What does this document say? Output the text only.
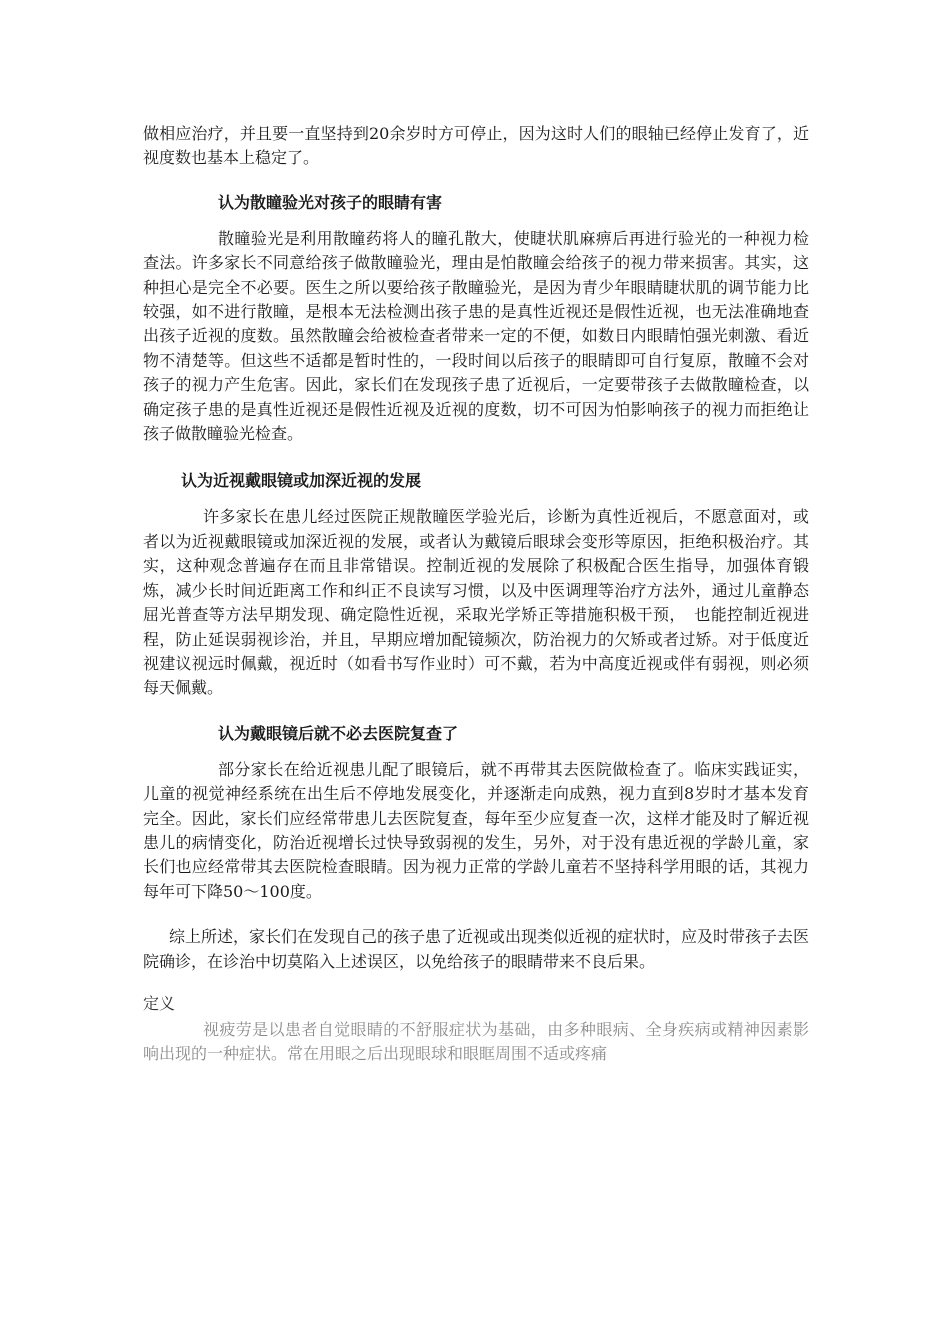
做相应治疗，并且要一直坚持到20余岁时方可停止，因为这时人们的眼轴已经停止发育了，近视度数也基本上稳定了。

认为散瞳验光对孩子的眼睛有害

散瞳验光是利用散瞳药将人的瞳孔散大，使睫状肌麻痹后再进行验光的一种视力检查法。许多家长不同意给孩子做散瞳验光，理由是怕散瞳会给孩子的视力带来损害。其实，这种担心是完全不必要。医生之所以要给孩子散瞳验光，是因为青少年眼睛睫状肌的调节能力比较强，如不进行散瞳，是根本无法检测出孩子患的是真性近视还是假性近视，也无法准确地查出孩子近视的度数。虽然散瞳会给被检查者带来一定的不便，如数日内眼睛怕强光刺激、看近物不清楚等。但这些不适都是暂时性的，一段时间以后孩子的眼睛即可自行复原，散瞳不会对孩子的视力产生危害。因此，家长们在发现孩子患了近视后，一定要带孩子去做散瞳检查，以确定孩子患的是真性近视还是假性近视及近视的度数，切不可因为怕影响孩子的视力而拒绝让孩子做散瞳验光检查。

认为近视戴眼镜或加深近视的发展

许多家长在患儿经过医院正规散瞳医学验光后，诊断为真性近视后，不愿意面对，或者以为近视戴眼镜或加深近视的发展，或者认为戴镜后眼球会变形等原因，拒绝积极治疗。其实，这种观念普遍存在而且非常错误。控制近视的发展除了积极配合医生指导，加强体育锻炼，减少长时间近距离工作和纠正不良读写习惯，以及中医调理等治疗方法外，通过儿童静态屈光普查等方法早期发现、确定隐性近视，采取光学矫正等措施积极干预，　也能控制近视进程，防止延误弱视诊治，并且，早期应增加配镜频次，防治视力的欠矫或者过矫。对于低度近视建议视远时佩戴，视近时（如看书写作业时）可不戴，若为中高度近视或伴有弱视，则必须每天佩戴。

认为戴眼镜后就不必去医院复查了

部分家长在给近视患儿配了眼镜后，就不再带其去医院做检查了。临床实践证实，儿童的视觉神经系统在出生后不停地发展变化，并逐渐走向成熟，视力直到8岁时才基本发育完全。因此，家长们应经常带患儿去医院复查，每年至少应复查一次，这样才能及时了解近视患儿的病情变化，防治近视增长过快导致弱视的发生，另外，对于没有患近视的学龄儿童，家长们也应经常带其去医院检查眼睛。因为视力正常的学龄儿童若不坚持科学用眼的话，其视力每年可下降50～100度。

综上所述，家长们在发现自己的孩子患了近视或出现类似近视的症状时，应及时带孩子去医院确诊，在诊治中切莫陷入上述误区，以免给孩子的眼睛带来不良后果。

定义

视疲劳是以患者自觉眼睛的不舒服症状为基础，由多种眼病、全身疾病或精神因素影响出现的一种症状。常在用眼之后出现眼球和眼眶周围不适或疼痛
